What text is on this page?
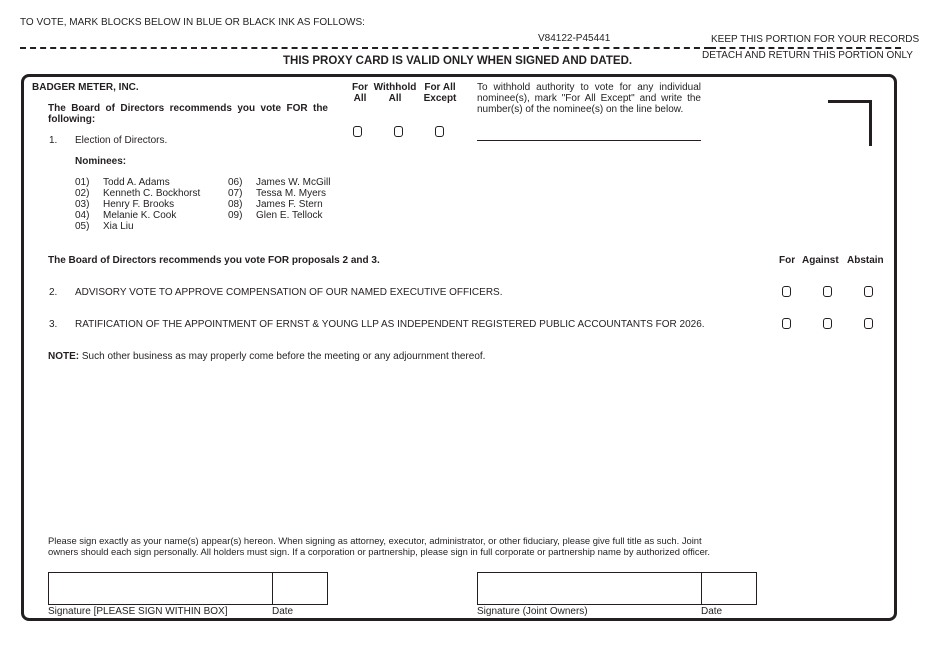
TO VOTE, MARK BLOCKS BELOW IN BLUE OR BLACK INK AS FOLLOWS:
V84122-P45441	KEEP THIS PORTION FOR YOUR RECORDS
THIS PROXY CARD IS VALID ONLY WHEN SIGNED AND DATED.	DETACH AND RETURN THIS PORTION ONLY
BADGER METER, INC.
The Board of Directors recommends you vote FOR the following:
1. Election of Directors.
Nominees:
01) Todd A. Adams
02) Kenneth C. Bockhorst
03) Henry F. Brooks
04) Melanie K. Cook
05) Xia Liu
06) James W. McGill
07) Tessa M. Myers
08) James F. Stern
09) Glen E. Tellock
For
All
Withhold
All
For All
Except
To withhold authority to vote for any individual nominee(s), mark "For All Except" and write the number(s) of the nominee(s) on the line below.
The Board of Directors recommends you vote FOR proposals 2 and 3.	For Against Abstain
2. ADVISORY VOTE TO APPROVE COMPENSATION OF OUR NAMED EXECUTIVE OFFICERS.
3. RATIFICATION OF THE APPOINTMENT OF ERNST & YOUNG LLP AS INDEPENDENT REGISTERED PUBLIC ACCOUNTANTS FOR 2026.
NOTE: Such other business as may properly come before the meeting or any adjournment thereof.
Please sign exactly as your name(s) appear(s) hereon. When signing as attorney, executor, administrator, or other fiduciary, please give full title as such. Joint
owners should each sign personally. All holders must sign. If a corporation or partnership, please sign in full corporate or partnership name by authorized officer.
Signature [PLEASE SIGN WITHIN BOX]	Date	Signature (Joint Owners)	Date
